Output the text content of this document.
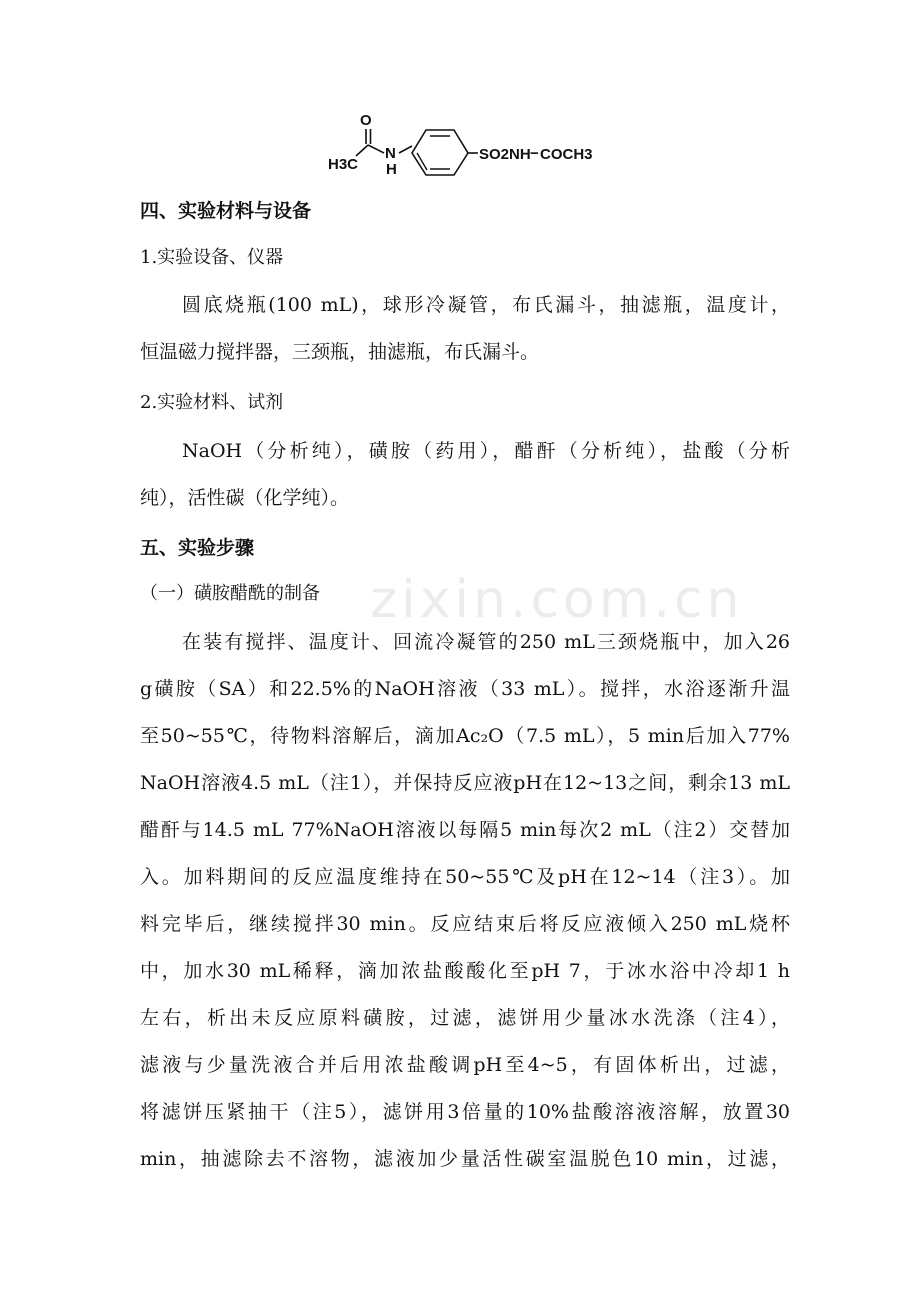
O
H3C
N
H
SO2NH − COCH3
zixin.com.cn
四、实验材料与设备
1.实验设备、仪器
圆底烧瓶(100 mL)，球形冷凝管，布氏漏斗，抽滤瓶，温度计，
恒温磁力搅拌器，三颈瓶，抽滤瓶，布氏漏斗。
2.实验材料、试剂
NaOH（分析纯），磺胺（药用），醋酐（分析纯），盐酸（分析
纯），活性碳（化学纯）。
五、实验步骤
（一）磺胺醋酰的制备
在装有搅拌、温度计、回流冷凝管的250 mL三颈烧瓶中，加入26
g磺胺（SA）和22.5%的NaOH溶液（33 mL）。搅拌，水浴逐渐升温
至50~55℃，待物料溶解后，滴加Ac₂O（7.5 mL），5 min后加入77%
NaOH溶液4.5 mL（注1），并保持反应液pH在12~13之间，剩余13 mL
醋酐与14.5 mL 77%NaOH溶液以每隔5 min每次2 mL（注2）交替加
入。加料期间的反应温度维持在50~55℃及pH在12~14（注3）。加
料完毕后，继续搅拌30 min。反应结束后将反应液倾入250 mL烧杯
中，加水30 mL稀释，滴加浓盐酸酸化至pH 7，于冰水浴中冷却1 h
左右，析出未反应原料磺胺，过滤，滤饼用少量冰水洗涤（注4），
滤液与少量洗液合并后用浓盐酸调pH至4~5，有固体析出，过滤，
将滤饼压紧抽干（注5），滤饼用3倍量的10%盐酸溶液溶解，放置30
min，抽滤除去不溶物，滤液加少量活性碳室温脱色10 min，过滤，
